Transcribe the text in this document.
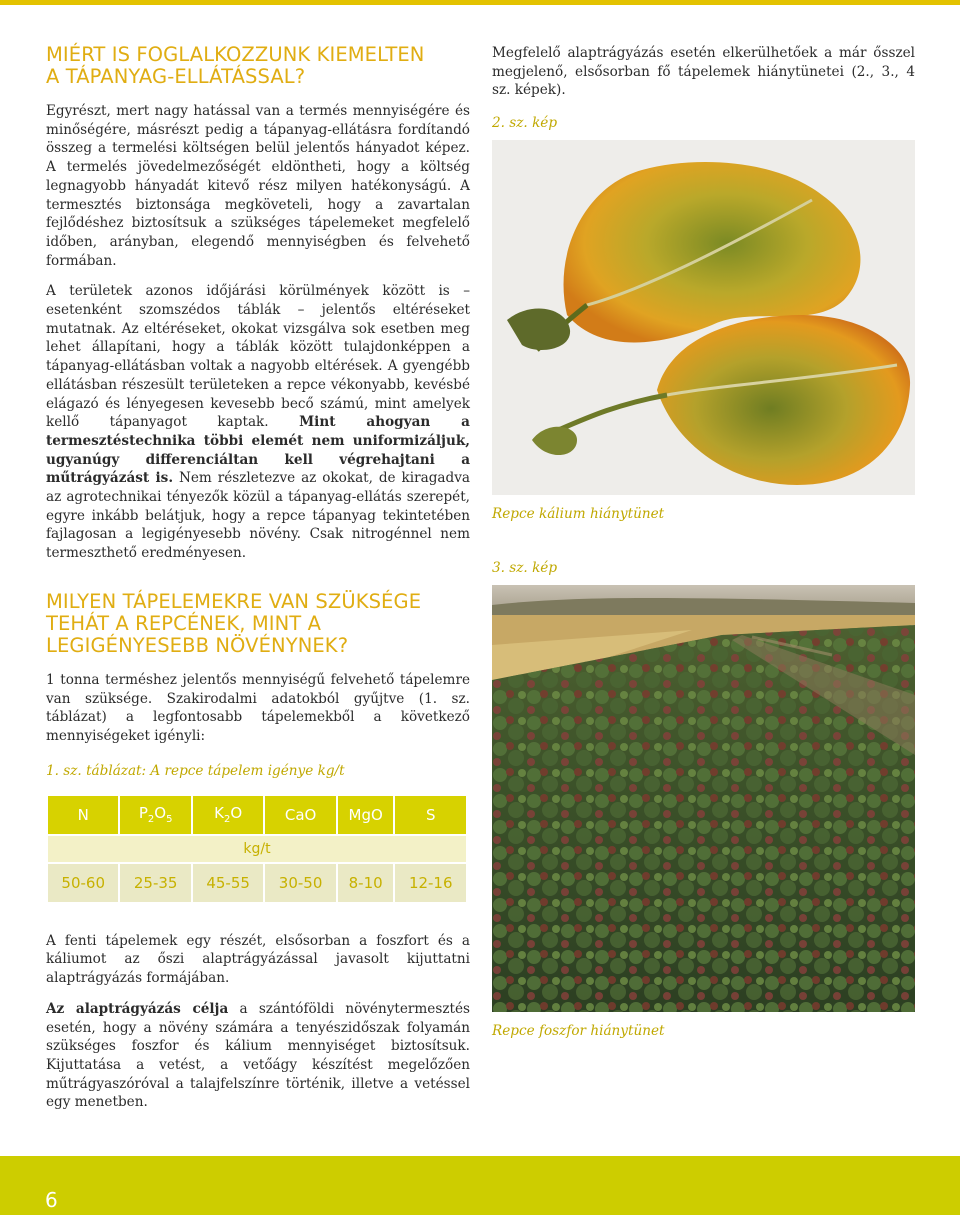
MIÉRT IS FOGLALKOZZUNK KIEMELTEN
A TÁPANYAG-ELLÁTÁSSAL?

Egyrészt, mert nagy hatással van a termés mennyiségére és minőségére, másrészt pedig a tápanyag-ellátásra fordítandó összeg a termelési költségen belül jelentős hányadot képez. A termelés jövedelmezőségét eldöntheti, hogy a költség legnagyobb hányadát kitevő rész milyen hatékonyságú. A termesztés biztonsága megköveteli, hogy a zavartalan fejlődéshez biztosítsuk a szükséges tápelemeket megfelelő időben, arányban, elegendő mennyiségben és felvehető formában.

A területek azonos időjárási körülmények között is – esetenként szomszédos táblák – jelentős eltéréseket mutatnak. Az eltéréseket, okokat vizsgálva sok esetben meg lehet állapítani, hogy a táblák között tulajdonképpen a tápanyag-ellátásban voltak a nagyobb eltérések. A gyengébb ellátásban részesült területeken a repce vékonyabb, kevésbé elágazó és lényegesen kevesebb becő számú, mint amelyek kellő tápanyagot kaptak. Mint ahogyan a termesztéstechnika többi elemét nem uniformizáljuk, ugyanúgy differenciáltan kell végrehajtani a műtrágyázást is. Nem részletezve az okokat, de kiragadva az agrotechnikai tényezők közül a tápanyag-ellátás szerepét, egyre inkább belátjuk, hogy a repce tápanyag tekintetében fajlagosan a legigényesebb növény. Csak nitrogénnel nem termeszthető eredményesen.

MILYEN TÁPELEMEKRE VAN SZÜKSÉGE
TEHÁT A REPCÉNEK, MINT A
LEGIGÉNYESEBB NÖVÉNYNEK?

1 tonna terméshez jelentős mennyiségű felvehető tápelemre van szüksége. Szakirodalmi adatokból gyűjtve (1. sz. táblázat) a legfontosabb tápelemekből a következő mennyiségeket igényli:

1. sz. táblázat: A repce tápelem igénye kg/t

N	$P_2O_5$	$K_2O$	CaO	MgO	S
kg/t					
50-60	25-35	45-55	30-50	8-10	12-16

A fenti tápelemek egy részét, elsősorban a foszfort és a káliumot az őszi alaptrágyázással javasolt kijuttatni alaptrágyázás formájában.

Az alaptrágyázás célja a szántóföldi növénytermesztés esetén, hogy a növény számára a tenyészidőszak folyamán szükséges foszfor és kálium mennyiséget biztosítsuk. Kijuttatása a vetést, a vetőágy készítést megelőzően műtrágyaszóróval a talajfelszínre történik, illetve a vetéssel egy menetben.

Megfelelő alaptrágyázás esetén elkerülhetőek a már ősszel megjelenő, elsősorban fő tápelemek hiánytünetei (2., 3., 4 sz. képek).

2. sz. kép

Repce kálium hiánytünet

3. sz. kép

Repce foszfor hiánytünet

6
